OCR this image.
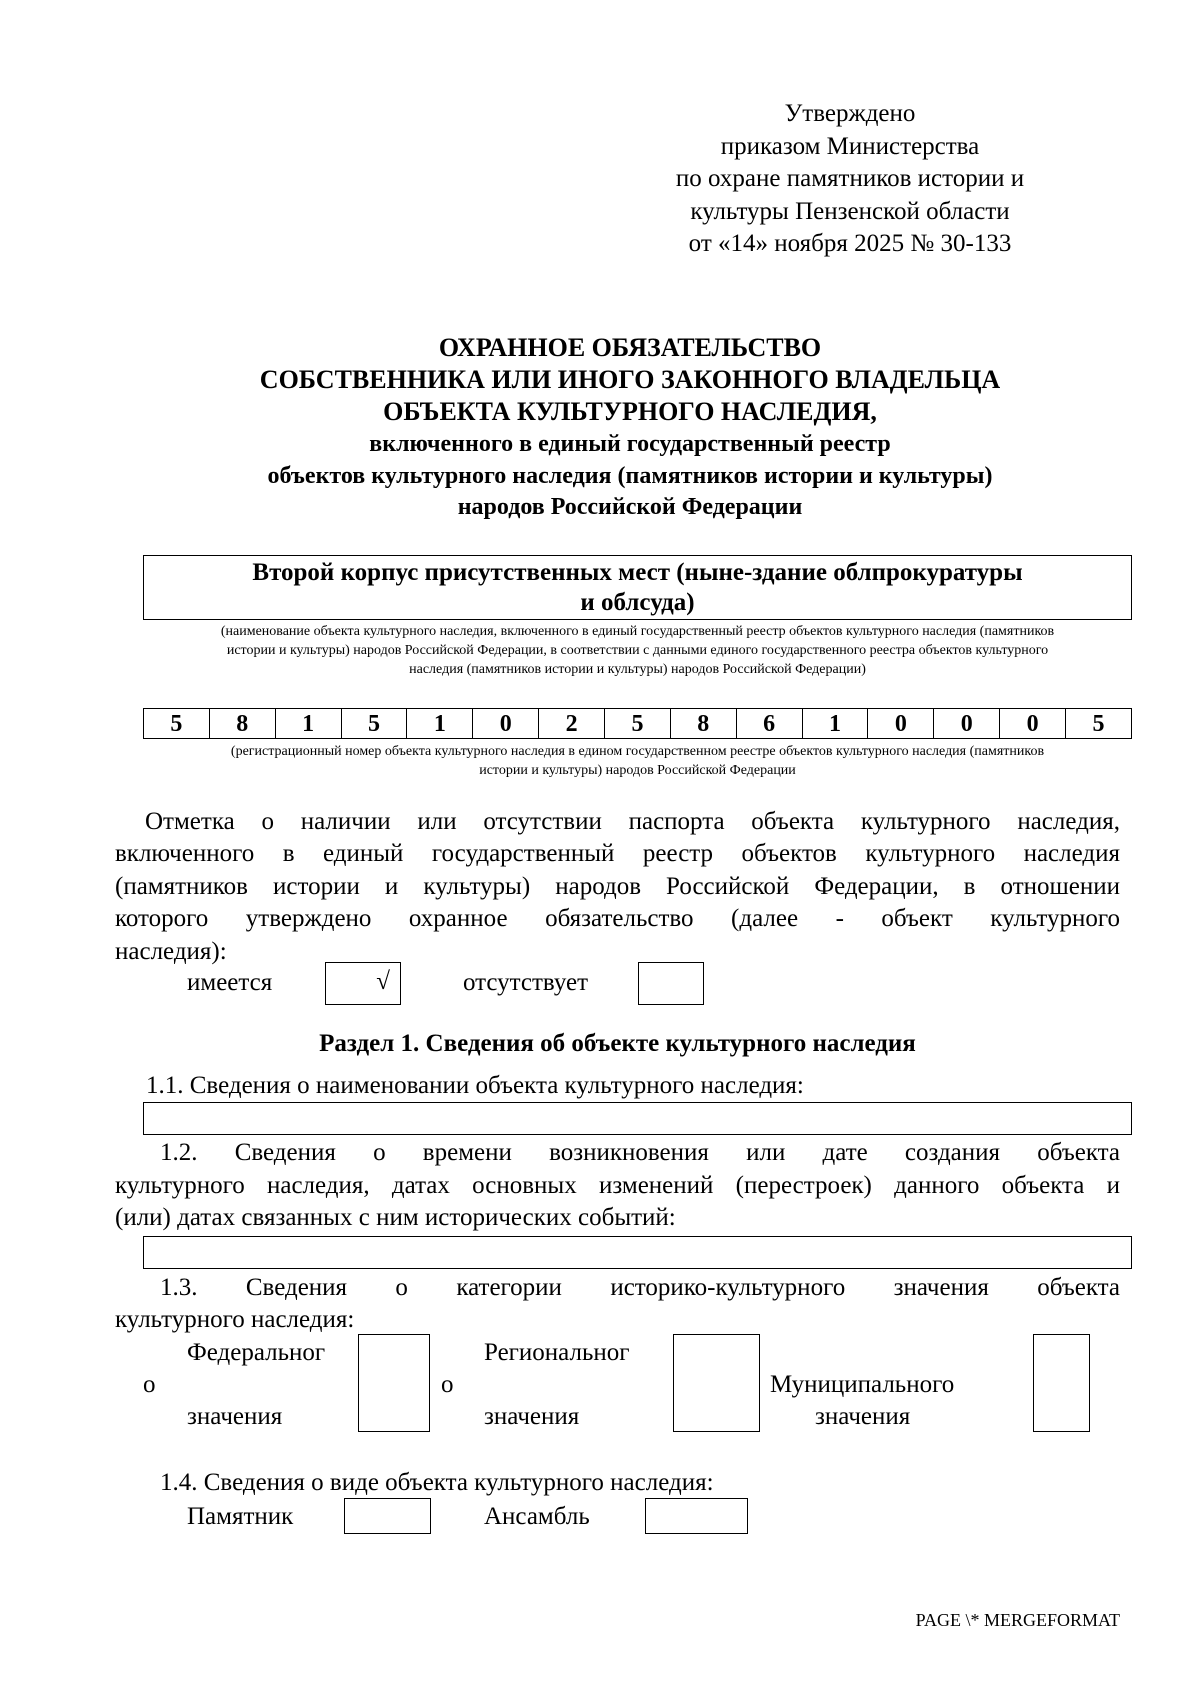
Утверждено
приказом Министерства
по охране памятников истории и
культуры Пензенской области
от «14» ноября 2025 № 30-133
ОХРАННОЕ ОБЯЗАТЕЛЬСТВО
СОБСТВЕННИКА ИЛИ ИНОГО ЗАКОННОГО ВЛАДЕЛЬЦА
ОБЪЕКТА КУЛЬТУРНОГО НАСЛЕДИЯ,
включенного в единый государственный реестр
объектов культурного наследия (памятников истории и культуры)
народов Российской Федерации
Второй корпус присутственных мест (ныне-здание облпрокуратуры
и облсуда)
(наименование объекта культурного наследия, включенного в единый государственный реестр объектов культурного наследия (памятников
истории и культуры) народов Российской Федерации, в соответствии с данными единого государственного реестра объектов культурного
наследия (памятников истории и культуры) народов Российской Федерации)
5	8	1	5	1	0	2	5	8	6	1	0	0	0	5
(регистрационный номер объекта культурного наследия в едином государственном реестре объектов культурного наследия (памятников
истории и культуры) народов Российской Федерации
Отметка о наличии или отсутствии паспорта объекта культурного наследия,
включенного в единый государственный реестр объектов культурного наследия
(памятников истории и культуры) народов Российской Федерации, в отношении
которого утверждено охранное обязательство (далее - объект культурного
наследия):
имеется	√	отсутствует
Раздел 1. Сведения об объекте культурного наследия
1.1. Сведения о наименовании объекта культурного наследия:
1.2. Сведения о времени возникновения или дате создания объекта
культурного наследия, датах основных изменений (перестроек) данного объекта и
(или) датах связанных с ним исторических событий:
1.3. Сведения о категории историко-культурного значения объекта
культурного наследия:
Федеральног
о
значения
Региональног
о
значения
Муниципального
значения
1.4. Сведения о виде объекта культурного наследия:
Памятник	Ансамбль
PAGE \* MERGEFORMAT
